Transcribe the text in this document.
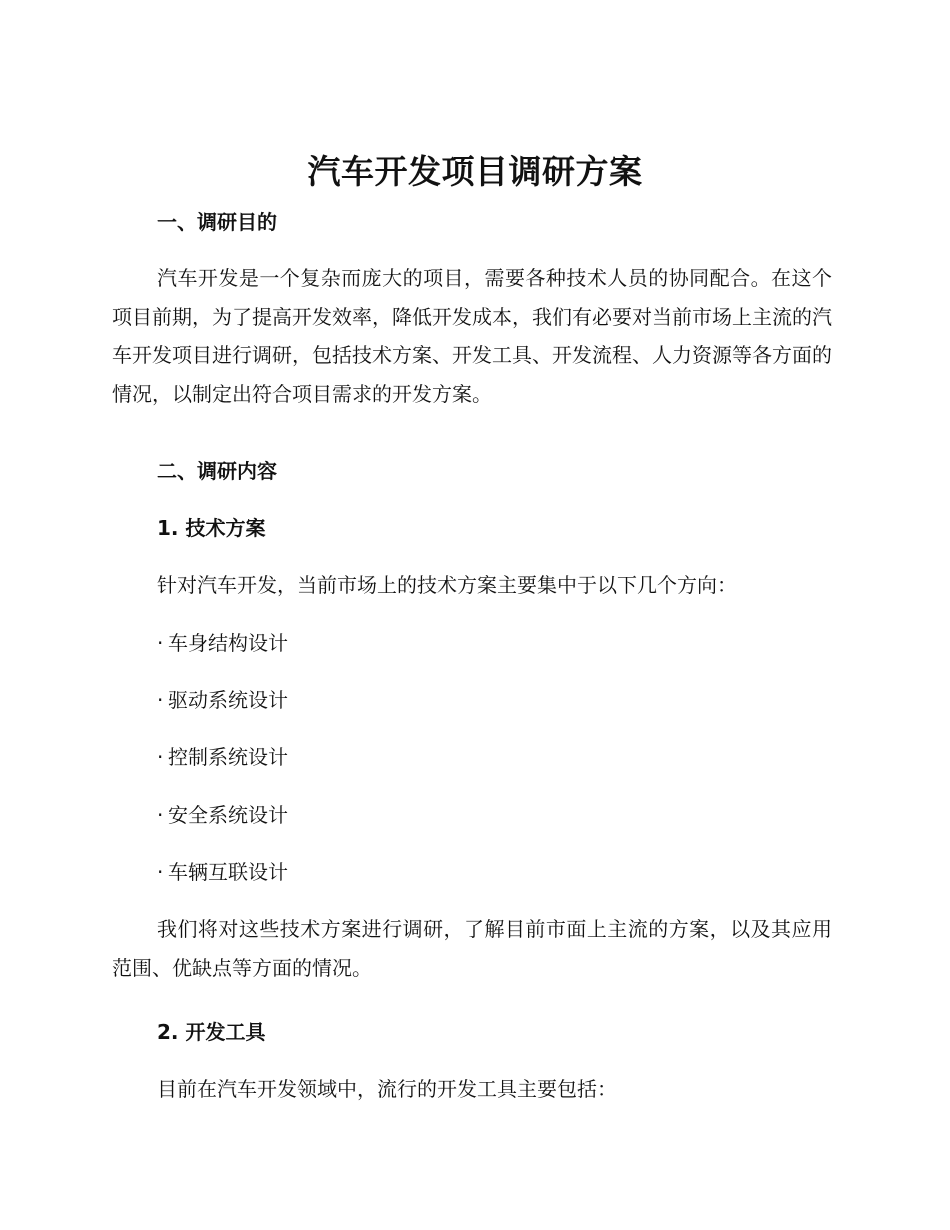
汽车开发项目调研方案
一、调研目的
汽车开发是一个复杂而庞大的项目，需要各种技术人员的协同配合。在这个项目前期，为了提高开发效率，降低开发成本，我们有必要对当前市场上主流的汽车开发项目进行调研，包括技术方案、开发工具、开发流程、人力资源等各方面的情况，以制定出符合项目需求的开发方案。
二、调研内容
1. 技术方案
针对汽车开发，当前市场上的技术方案主要集中于以下几个方向：
· 车身结构设计
· 驱动系统设计
· 控制系统设计
· 安全系统设计
· 车辆互联设计
我们将对这些技术方案进行调研，了解目前市面上主流的方案，以及其应用范围、优缺点等方面的情况。
2. 开发工具
目前在汽车开发领域中，流行的开发工具主要包括：
